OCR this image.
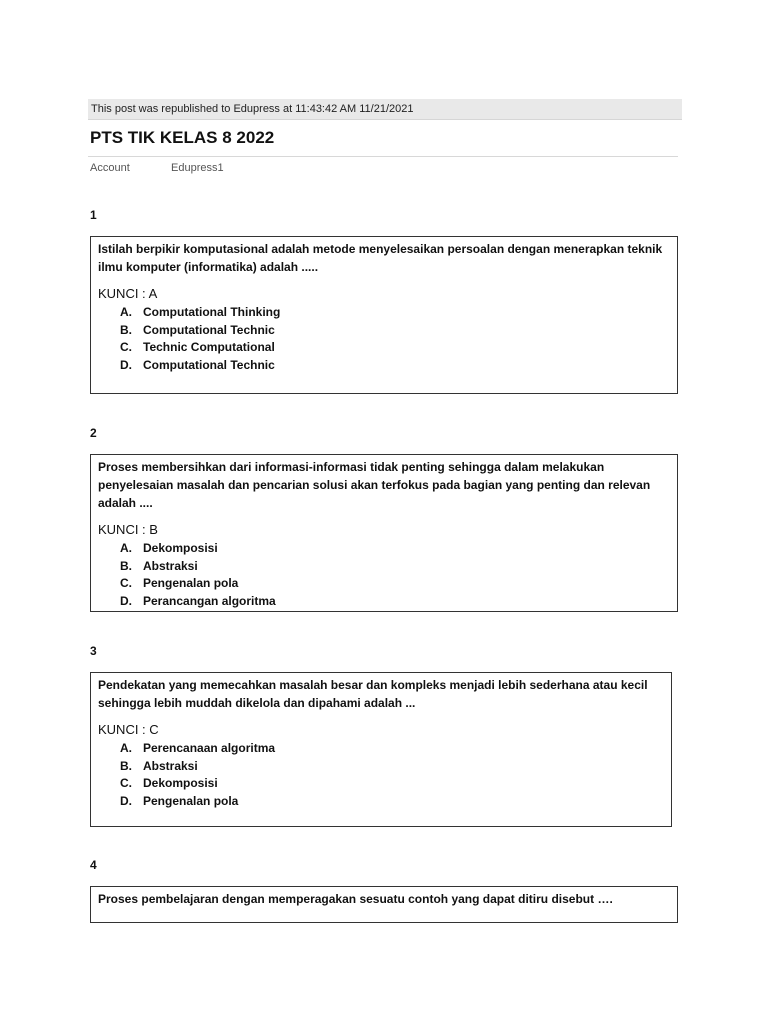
This post was republished to Edupress at 11:43:42 AM 11/21/2021
PTS TIK KELAS 8 2022
Account	Edupress1
1
Istilah berpikir komputasional adalah metode menyelesaikan persoalan dengan menerapkan teknik ilmu komputer (informatika) adalah .....
KUNCI : A
A. Computational Thinking
B. Computational Technic
C. Technic Computational
D. Computational Technic
2
Proses membersihkan dari informasi-informasi tidak penting sehingga dalam melakukan penyelesaian masalah dan pencarian solusi akan terfokus pada bagian yang penting dan relevan adalah ....
KUNCI : B
A. Dekomposisi
B. Abstraksi
C. Pengenalan pola
D. Perancangan algoritma
3
Pendekatan yang memecahkan masalah besar dan kompleks menjadi lebih sederhana atau kecil sehingga lebih muddah dikelola dan dipahami adalah ...
KUNCI : C
A. Perencanaan algoritma
B. Abstraksi
C. Dekomposisi
D. Pengenalan pola
4
Proses pembelajaran dengan memperagakan sesuatu contoh yang dapat ditiru disebut ….
